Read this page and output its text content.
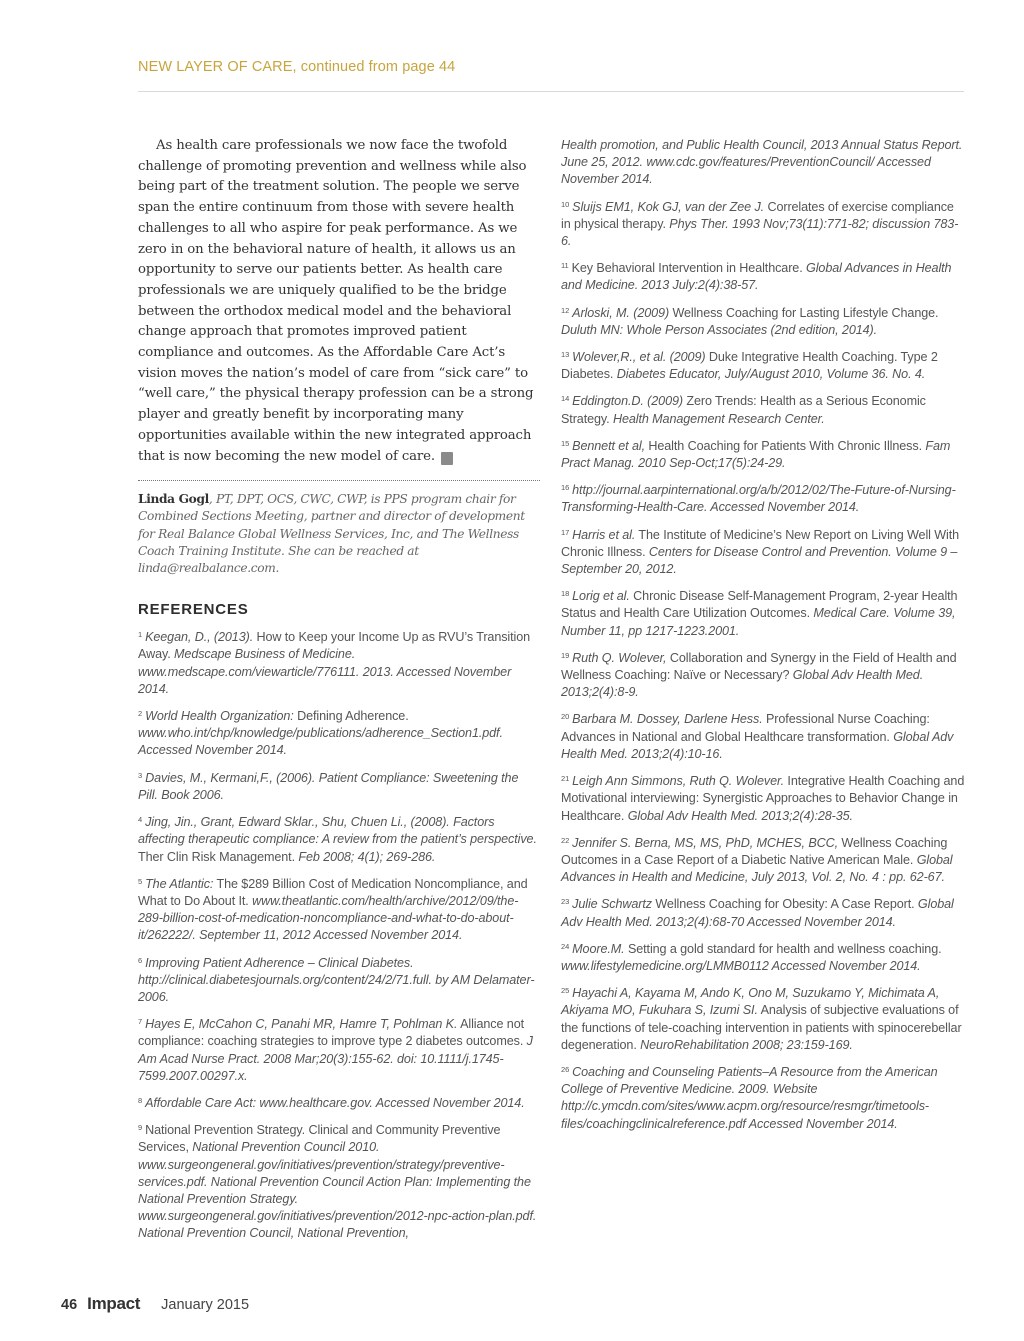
NEW LAYER OF CARE, continued from page 44

As health care professionals we now face the twofold challenge of promoting prevention and wellness while also being part of the treatment solution. The people we serve span the entire continuum from those with severe health challenges to all who aspire for peak performance. As we zero in on the behavioral nature of health, it allows us an opportunity to serve our patients better. As health care professionals we are uniquely qualified to be the bridge between the orthodox medical model and the behavioral change approach that promotes improved patient compliance and outcomes. As the Affordable Care Act’s vision moves the nation’s model of care from “sick care” to “well care,” the physical therapy profession can be a strong player and greatly benefit by incorporating many opportunities available within the new integrated approach that is now becoming the new model of care. I

Linda Gogl, PT, DPT, OCS, CWC, CWP, is PPS program chair for Combined Sections Meeting, partner and director of development for Real Balance Global Wellness Services, Inc, and The Wellness Coach Training Institute. She can be reached at linda@realbalance.com.

REFERENCES

$^1$ Keegan, D., (2013). How to Keep your Income Up as RVU’s Transition Away. Medscape Business of Medicine. www.medscape.com/viewarticle/776111. 2013. Accessed November 2014.

$^2$ World Health Organization: Defining Adherence. www.who.int/chp/knowledge/publications/adherence_Section1.pdf. Accessed November 2014.

$^3$ Davies, M., Kermani,F., (2006). Patient Compliance: Sweetening the Pill. Book 2006.

$^4$ Jing, Jin., Grant, Edward Sklar., Shu, Chuen Li., (2008). Factors affecting therapeutic compliance: A review from the patient’s perspective. Ther Clin Risk Management. Feb 2008; 4(1); 269-286.

$^5$ The Atlantic: The $289 Billion Cost of Medication Noncompliance, and What to Do About It. www.theatlantic.com/health/archive/2012/09/the-289-billion-cost-of-medication-noncompliance-and-what-to-do-about-it/262222/. September 11, 2012 Accessed November 2014.

$^6$ Improving Patient Adherence – Clinical Diabetes. http://clinical.diabetesjournals.org/content/24/2/71.full. by AM Delamater-2006.

$^7$ Hayes E, McCahon C, Panahi MR, Hamre T, Pohlman K. Alliance not compliance: coaching strategies to improve type 2 diabetes outcomes. J Am Acad Nurse Pract. 2008 Mar;20(3):155-62. doi: 10.1111/j.1745-7599.2007.00297.x.

$^8$ Affordable Care Act: www.healthcare.gov. Accessed November 2014.

$^9$ National Prevention Strategy. Clinical and Community Preventive Services, National Prevention Council 2010. www.surgeongeneral.gov/initiatives/prevention/strategy/preventive-services.pdf. National Prevention Council Action Plan: Implementing the National Prevention Strategy. www.surgeongeneral.gov/initiatives/prevention/2012-npc-action-plan.pdf. National Prevention Council, National Prevention,

Health promotion, and Public Health Council, 2013 Annual Status Report. June 25, 2012. www.cdc.gov/features/PreventionCouncil/ Accessed November 2014.

$^{10}$ Sluijs EM1, Kok GJ, van der Zee J. Correlates of exercise compliance in physical therapy. Phys Ther. 1993 Nov;73(11):771-82; discussion 783-6.

$^{11}$ Key Behavioral Intervention in Healthcare. Global Advances in Health and Medicine. 2013 July:2(4):38-57.

$^{12}$ Arloski, M. (2009) Wellness Coaching for Lasting Lifestyle Change. Duluth MN: Whole Person Associates (2nd edition, 2014).

$^{13}$ Wolever,R., et al. (2009) Duke Integrative Health Coaching. Type 2 Diabetes. Diabetes Educator, July/August 2010, Volume 36. No. 4.

$^{14}$ Eddington.D. (2009) Zero Trends: Health as a Serious Economic Strategy. Health Management Research Center.

$^{15}$ Bennett et al, Health Coaching for Patients With Chronic Illness. Fam Pract Manag. 2010 Sep-Oct;17(5):24-29.

$^{16}$ http://journal.aarpinternational.org/a/b/2012/02/The-Future-of-Nursing-Transforming-Health-Care. Accessed November 2014.

$^{17}$ Harris et al. The Institute of Medicine’s New Report on Living Well With Chronic Illness. Centers for Disease Control and Prevention. Volume 9 – September 20, 2012.

$^{18}$ Lorig et al. Chronic Disease Self-Management Program, 2-year Health Status and Health Care Utilization Outcomes. Medical Care. Volume 39, Number 11, pp 1217-1223.2001.

$^{19}$ Ruth Q. Wolever, Collaboration and Synergy in the Field of Health and Wellness Coaching: Naïve or Necessary? Global Adv Health Med. 2013;2(4):8-9.

$^{20}$ Barbara M. Dossey, Darlene Hess. Professional Nurse Coaching: Advances in National and Global Healthcare transformation. Global Adv Health Med. 2013;2(4):10-16.

$^{21}$ Leigh Ann Simmons, Ruth Q. Wolever. Integrative Health Coaching and Motivational interviewing: Synergistic Approaches to Behavior Change in Healthcare. Global Adv Health Med. 2013;2(4):28-35.

$^{22}$ Jennifer S. Berna, MS, MS, PhD, MCHES, BCC, Wellness Coaching Outcomes in a Case Report of a Diabetic Native American Male. Global Advances in Health and Medicine, July 2013, Vol. 2, No. 4 : pp. 62-67.

$^{23}$ Julie Schwartz Wellness Coaching for Obesity: A Case Report. Global Adv Health Med. 2013;2(4):68-70 Accessed November 2014.

$^{24}$ Moore.M. Setting a gold standard for health and wellness coaching. www.lifestylemedicine.org/LMMB0112 Accessed November 2014.

$^{25}$ Hayachi A, Kayama M, Ando K, Ono M, Suzukamo Y, Michimata A, Akiyama MO, Fukuhara S, Izumi SI. Analysis of subjective evaluations of the functions of tele-coaching intervention in patients with spinocerebellar degeneration. NeuroRehabilitation 2008; 23:159-169.

$^{26}$ Coaching and Counseling Patients–A Resource from the American College of Preventive Medicine. 2009. Website http://c.ymcdn.com/sites/www.acpm.org/resource/resmgr/timetools-files/coachingclinicalreference.pdf Accessed November 2014.

46 Impact January 2015
